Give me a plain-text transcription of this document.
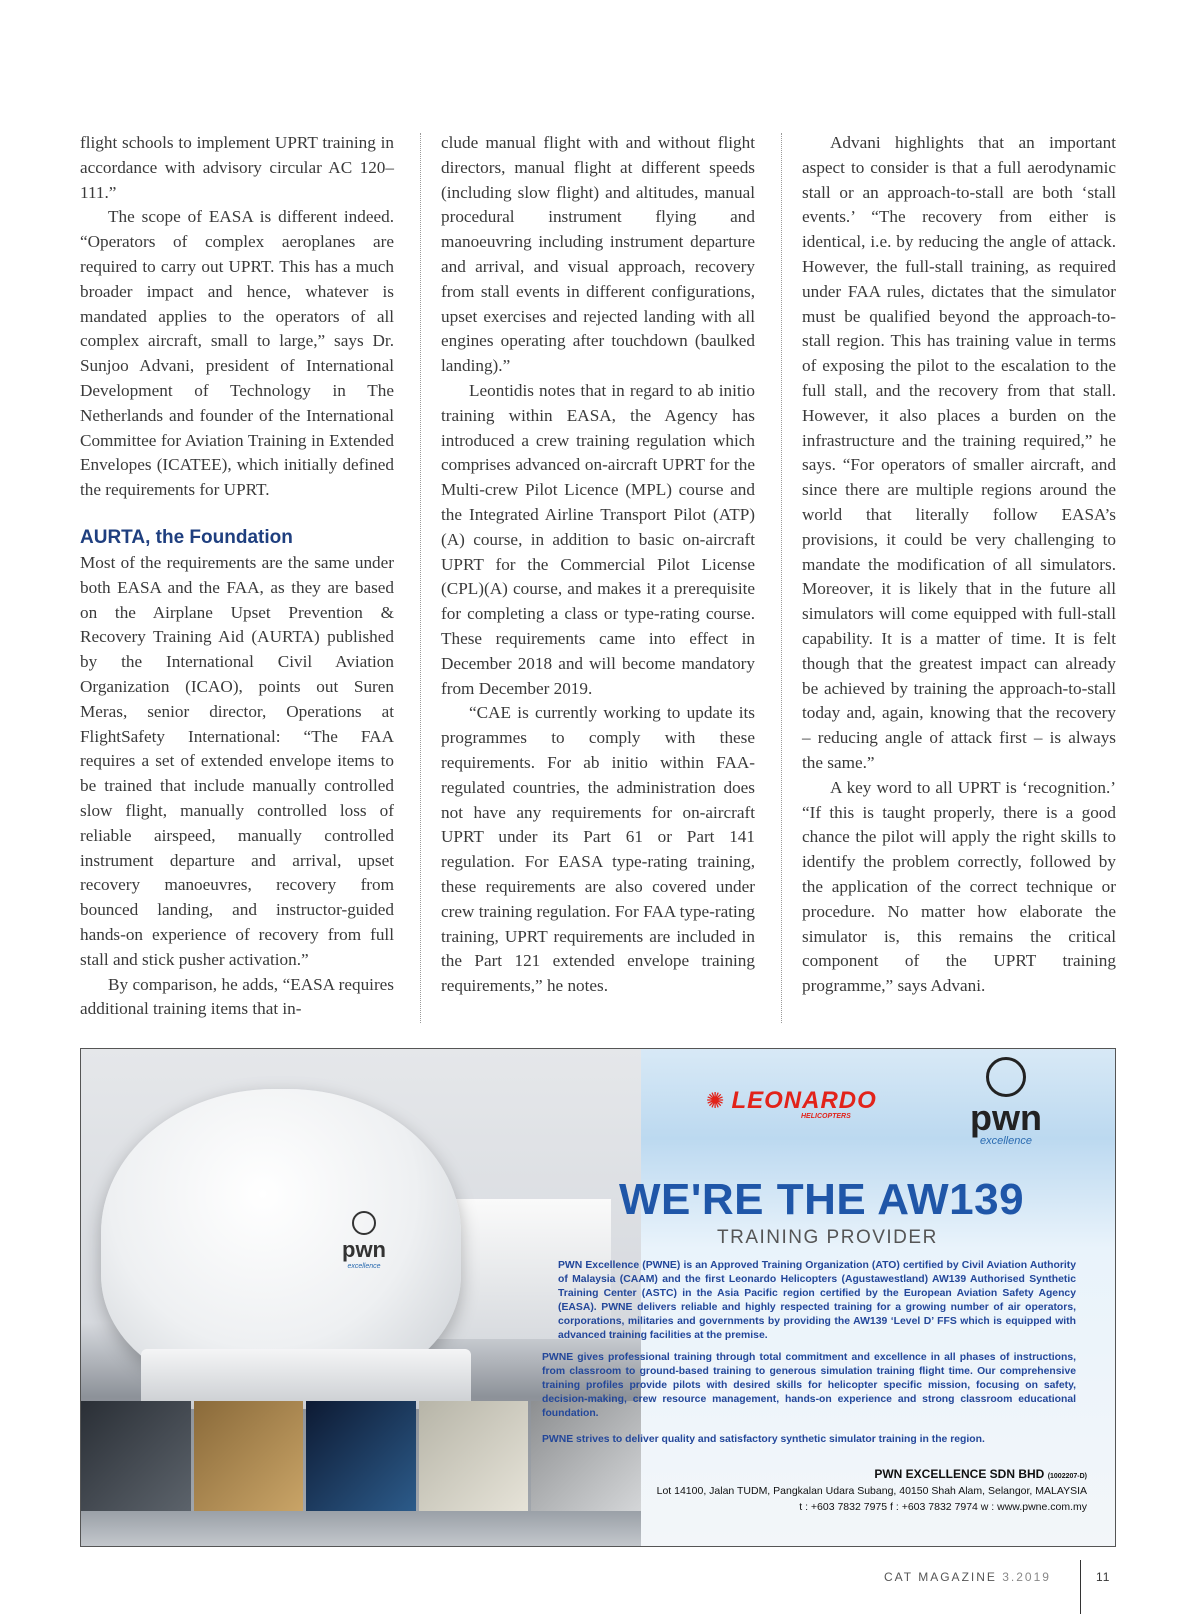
flight schools to implement UPRT training in accordance with advisory circular AC 120–111.”

The scope of EASA is different indeed. “Operators of complex aeroplanes are required to carry out UPRT. This has a much broader impact and hence, whatever is mandated applies to the operators of all complex aircraft, small to large,” says Dr. Sunjoo Advani, president of International Development of Technology in The Netherlands and founder of the International Committee for Aviation Training in Extended Envelopes (ICATEE), which initially defined the requirements for UPRT.

AURTA, the Foundation

Most of the requirements are the same under both EASA and the FAA, as they are based on the Airplane Upset Prevention & Recovery Training Aid (AURTA) published by the International Civil Aviation Organization (ICAO), points out Suren Meras, senior director, Operations at FlightSafety International: “The FAA requires a set of extended envelope items to be trained that include manually controlled slow flight, manually controlled loss of reliable airspeed, manually controlled instrument departure and arrival, upset recovery manoeuvres, recovery from bounced landing, and instructor-guided hands-on experience of recovery from full stall and stick pusher activation.”

By comparison, he adds, “EASA requires additional training items that in-

clude manual flight with and without flight directors, manual flight at different speeds (including slow flight) and altitudes, manual procedural instrument flying and manoeuvring including instrument departure and arrival, and visual approach, recovery from stall events in different configurations, upset exercises and rejected landing with all engines operating after touchdown (baulked landing).”

Leontidis notes that in regard to ab initio training within EASA, the Agency has introduced a crew training regulation which comprises advanced on-aircraft UPRT for the Multi-crew Pilot Licence (MPL) course and the Integrated Airline Transport Pilot (ATP)(A) course, in addition to basic on-aircraft UPRT for the Commercial Pilot License (CPL)(A) course, and makes it a prerequisite for completing a class or type-rating course. These requirements came into effect in December 2018 and will become mandatory from December 2019.

“CAE is currently working to update its programmes to comply with these requirements. For ab initio within FAA-regulated countries, the administration does not have any requirements for on-aircraft UPRT under its Part 61 or Part 141 regulation. For EASA type-rating training, these requirements are also covered under crew training regulation. For FAA type-rating training, UPRT requirements are included in the Part 121 extended envelope training requirements,” he notes.

Advani highlights that an important aspect to consider is that a full aerodynamic stall or an approach-to-stall are both ‘stall events.’ “The recovery from either is identical, i.e. by reducing the angle of attack. However, the full-stall training, as required under FAA rules, dictates that the simulator must be qualified beyond the approach-to-stall region. This has training value in terms of exposing the pilot to the escalation to the full stall, and the recovery from that stall. However, it also places a burden on the infrastructure and the training required,” he says. “For operators of smaller aircraft, and since there are multiple regions around the world that literally follow EASA’s provisions, it could be very challenging to mandate the modification of all simulators. Moreover, it is likely that in the future all simulators will come equipped with full-stall capability. It is a matter of time. It is felt though that the greatest impact can already be achieved by training the approach-to-stall today and, again, knowing that the recovery – reducing angle of attack first – is always the same.”

A key word to all UPRT is ‘recognition.’ “If this is taught properly, there is a good chance the pilot will apply the right skills to identify the problem correctly, followed by the application of the correct technique or procedure. No matter how elaborate the simulator is, this remains the critical component of the UPRT training programme,” says Advani.

pwn
excellence
✺ LEONARDO
HELICOPTERS	pwn
excellence
WE'RE THE AW139
TRAINING PROVIDER
PWN Excellence (PWNE) is an Approved Training Organization (ATO) certified by Civil Aviation Authority of Malaysia (CAAM) and the first Leonardo Helicopters (Agustawestland) AW139 Authorised Synthetic Training Center (ASTC) in the Asia Pacific region certified by the European Aviation Safety Agency (EASA). PWNE delivers reliable and highly respected training for a growing number of air operators, corporations, militaries and governments by providing the AW139 ‘Level D’ FFS which is equipped with advanced training facilities at the premise.
PWNE gives professional training through total commitment and excellence in all phases of instructions, from classroom to ground-based training to generous simulation training flight time. Our comprehensive training profiles provide pilots with desired skills for helicopter specific mission, focusing on safety, decision-making, crew resource management, hands-on experience and strong classroom educational foundation.
PWNE strives to deliver quality and satisfactory synthetic simulator training in the region.
PWN EXCELLENCE SDN BHD (1002207-D)
Lot 14100, Jalan TUDM, Pangkalan Udara Subang, 40150 Shah Alam, Selangor, MALAYSIA
t : +603 7832 7975 f : +603 7832 7974 w : www.pwne.com.my
CAT MAGAZINE 3.2019	11
